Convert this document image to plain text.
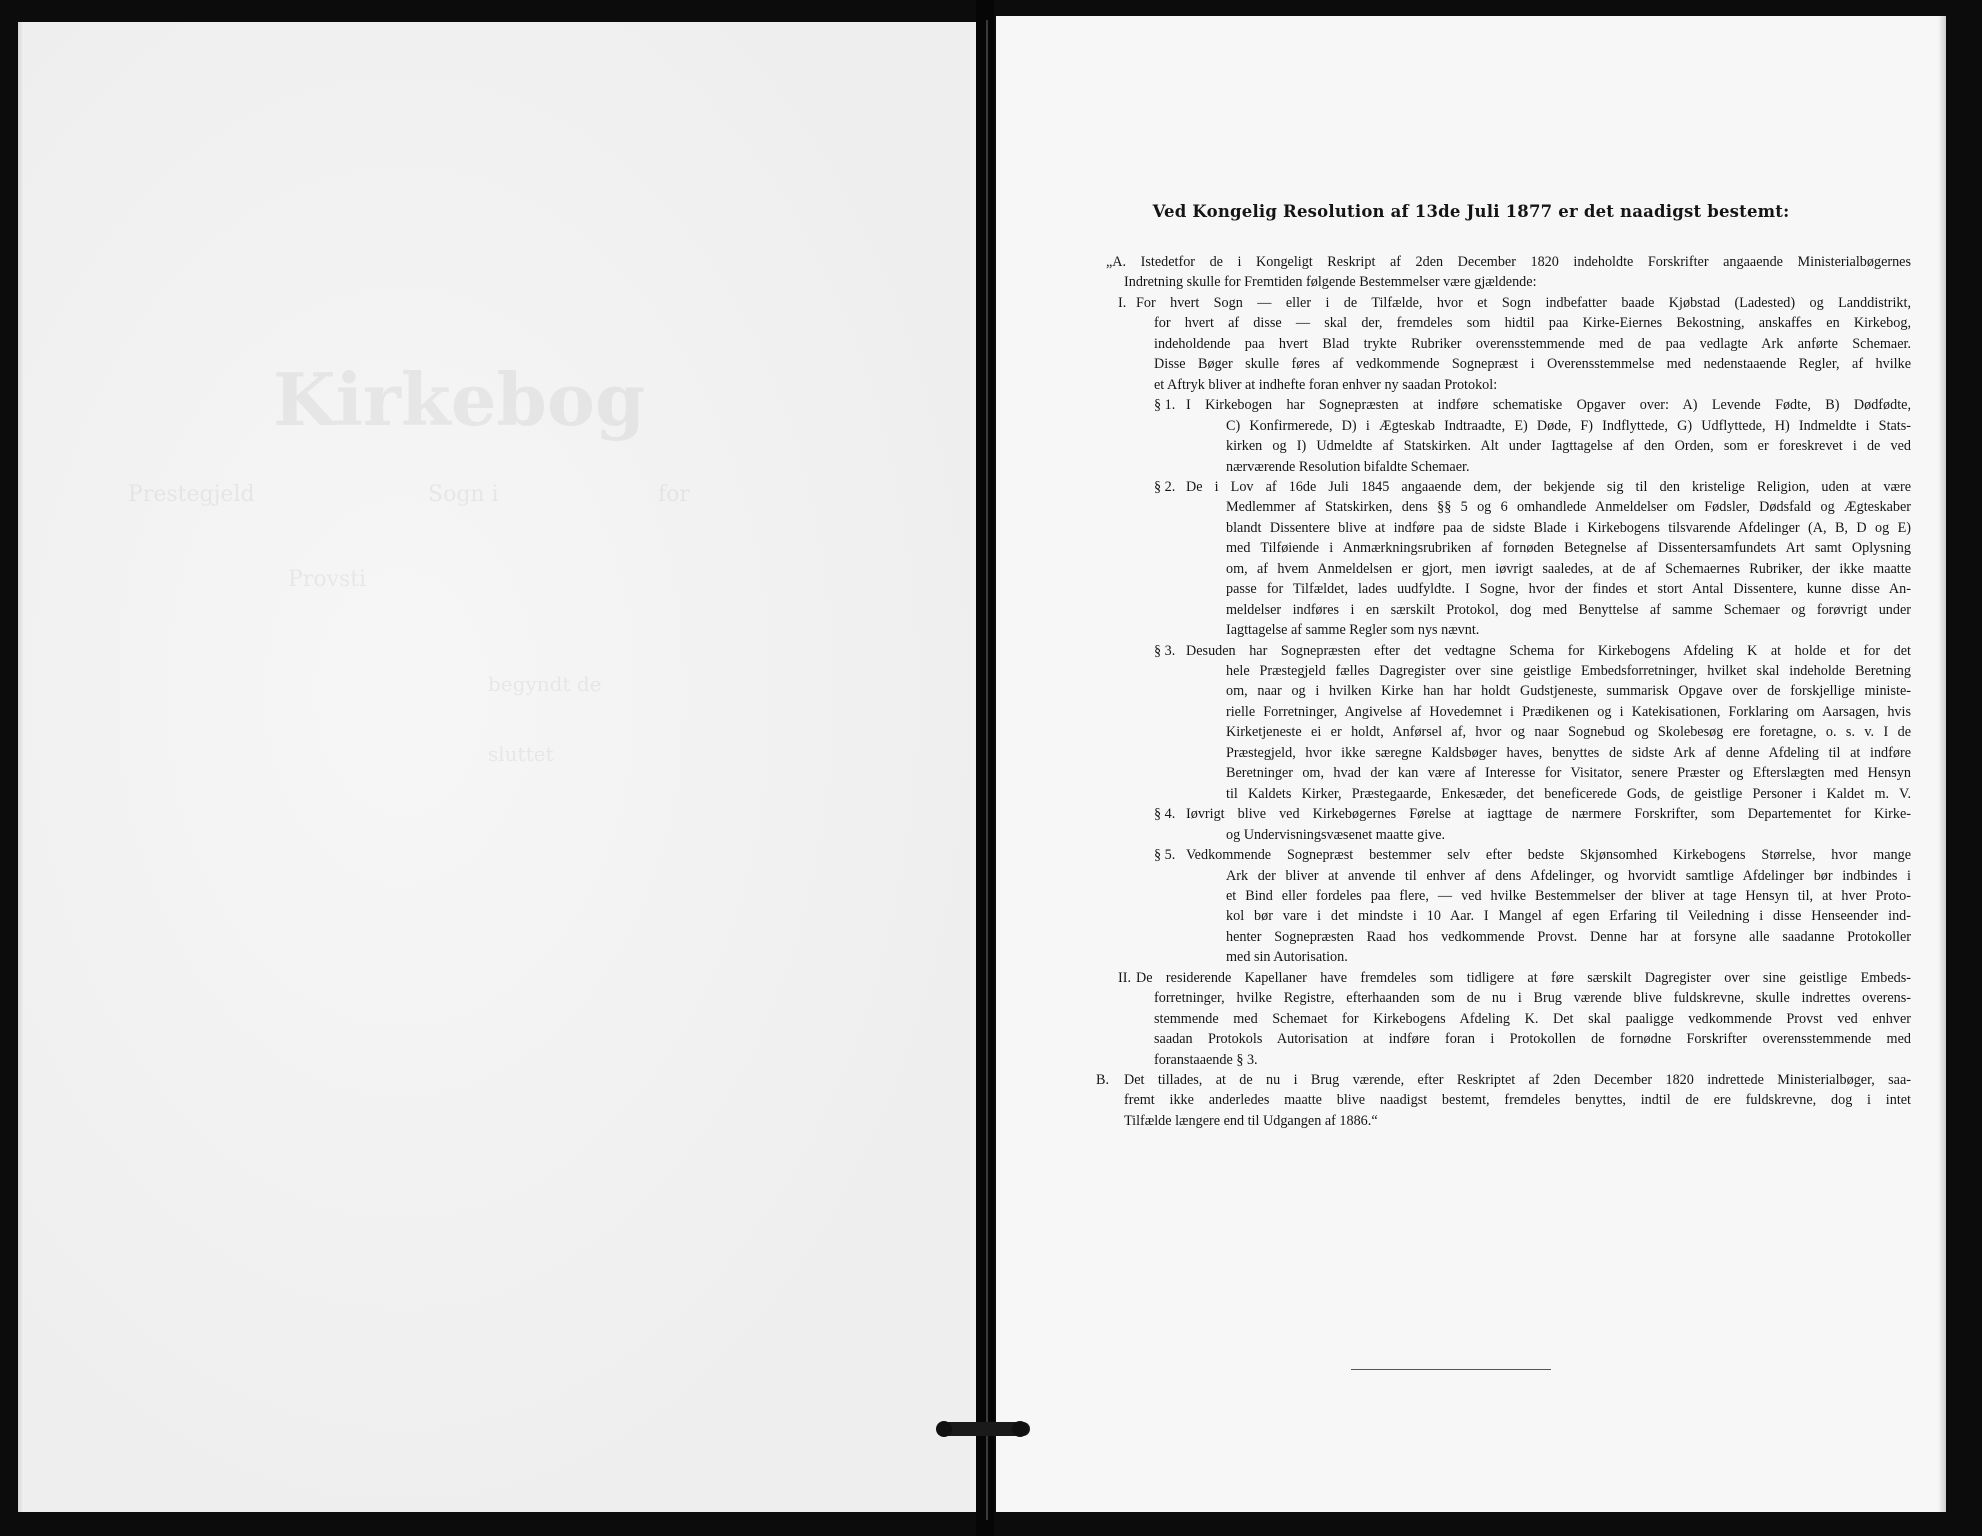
Kirkebog
for
Sogn i
Prestegjeld
Provsti
begyndt de
sluttet
Ved Kongelig Resolution af 13de Juli 1877 er det naadigst bestemt:
„A. Istedetfor de i Kongeligt Reskript af 2den December 1820 indeholdte Forskrifter angaaende Ministerialbøgernes
Indretning skulle for Fremtiden følgende Bestemmelser være gjældende:
I. For hvert Sogn — eller i de Tilfælde, hvor et Sogn indbefatter baade Kjøbstad (Ladested) og Landdistrikt,
for hvert af disse — skal der, fremdeles som hidtil paa Kirke-Eiernes Bekostning, anskaffes en Kirkebog,
indeholdende paa hvert Blad trykte Rubriker overensstemmende med de paa vedlagte Ark anførte Schemaer.
Disse Bøger skulle føres af vedkommende Sognepræst i Overensstemmelse med nedenstaaende Regler, af hvilke
et Aftryk bliver at indhefte foran enhver ny saadan Protokol:
§ 1. I Kirkebogen har Sognepræsten at indføre schematiske Opgaver over: A) Levende Fødte, B) Dødfødte,
C) Konfirmerede, D) i Ægteskab Indtraadte, E) Døde, F) Indflyttede, G) Udflyttede, H) Indmeldte i Stats-
kirken og I) Udmeldte af Statskirken. Alt under Iagttagelse af den Orden, som er foreskrevet i de ved
nærværende Resolution bifaldte Schemaer.
§ 2. De i Lov af 16de Juli 1845 angaaende dem, der bekjende sig til den kristelige Religion, uden at være
Medlemmer af Statskirken, dens §§ 5 og 6 omhandlede Anmeldelser om Fødsler, Dødsfald og Ægteskaber
blandt Dissentere blive at indføre paa de sidste Blade i Kirkebogens tilsvarende Afdelinger (A, B, D og E)
med Tilføiende i Anmærkningsrubriken af fornøden Betegnelse af Dissentersamfundets Art samt Oplysning
om, af hvem Anmeldelsen er gjort, men iøvrigt saaledes, at de af Schemaernes Rubriker, der ikke maatte
passe for Tilfældet, lades uudfyldte. I Sogne, hvor der findes et stort Antal Dissentere, kunne disse An-
meldelser indføres i en særskilt Protokol, dog med Benyttelse af samme Schemaer og forøvrigt under
Iagttagelse af samme Regler som nys nævnt.
§ 3. Desuden har Sognepræsten efter det vedtagne Schema for Kirkebogens Afdeling K at holde et for det
hele Præstegjeld fælles Dagregister over sine geistlige Embedsforretninger, hvilket skal indeholde Beretning
om, naar og i hvilken Kirke han har holdt Gudstjeneste, summarisk Opgave over de forskjellige ministe-
rielle Forretninger, Angivelse af Hovedemnet i Prædikenen og i Katekisationen, Forklaring om Aarsagen, hvis
Kirketjeneste ei er holdt, Anførsel af, hvor og naar Sognebud og Skolebesøg ere foretagne, o. s. v. I de
Præstegjeld, hvor ikke særegne Kaldsbøger haves, benyttes de sidste Ark af denne Afdeling til at indføre
Beretninger om, hvad der kan være af Interesse for Visitator, senere Præster og Efterslægten med Hensyn
til Kaldets Kirker, Præstegaarde, Enkesæder, det beneficerede Gods, de geistlige Personer i Kaldet m. V.
§ 4. Iøvrigt blive ved Kirkebøgernes Førelse at iagttage de nærmere Forskrifter, som Departementet for Kirke-
og Undervisningsvæsenet maatte give.
§ 5. Vedkommende Sognepræst bestemmer selv efter bedste Skjønsomhed Kirkebogens Størrelse, hvor mange
Ark der bliver at anvende til enhver af dens Afdelinger, og hvorvidt samtlige Afdelinger bør indbindes i
et Bind eller fordeles paa flere, — ved hvilke Bestemmelser der bliver at tage Hensyn til, at hver Proto-
kol bør vare i det mindste i 10 Aar. I Mangel af egen Erfaring til Veiledning i disse Henseender ind-
henter Sognepræsten Raad hos vedkommende Provst. Denne har at forsyne alle saadanne Protokoller
med sin Autorisation.
II. De residerende Kapellaner have fremdeles som tidligere at føre særskilt Dagregister over sine geistlige Embeds-
forretninger, hvilke Registre, efterhaanden som de nu i Brug værende blive fuldskrevne, skulle indrettes overens-
stemmende med Schemaet for Kirkebogens Afdeling K. Det skal paaligge vedkommende Provst ved enhver
saadan Protokols Autorisation at indføre foran i Protokollen de fornødne Forskrifter overensstemmende med
foranstaaende § 3.
B. Det tillades, at de nu i Brug værende, efter Reskriptet af 2den December 1820 indrettede Ministerialbøger, saa-
fremt ikke anderledes maatte blive naadigst bestemt, fremdeles benyttes, indtil de ere fuldskrevne, dog i intet
Tilfælde længere end til Udgangen af 1886.“
